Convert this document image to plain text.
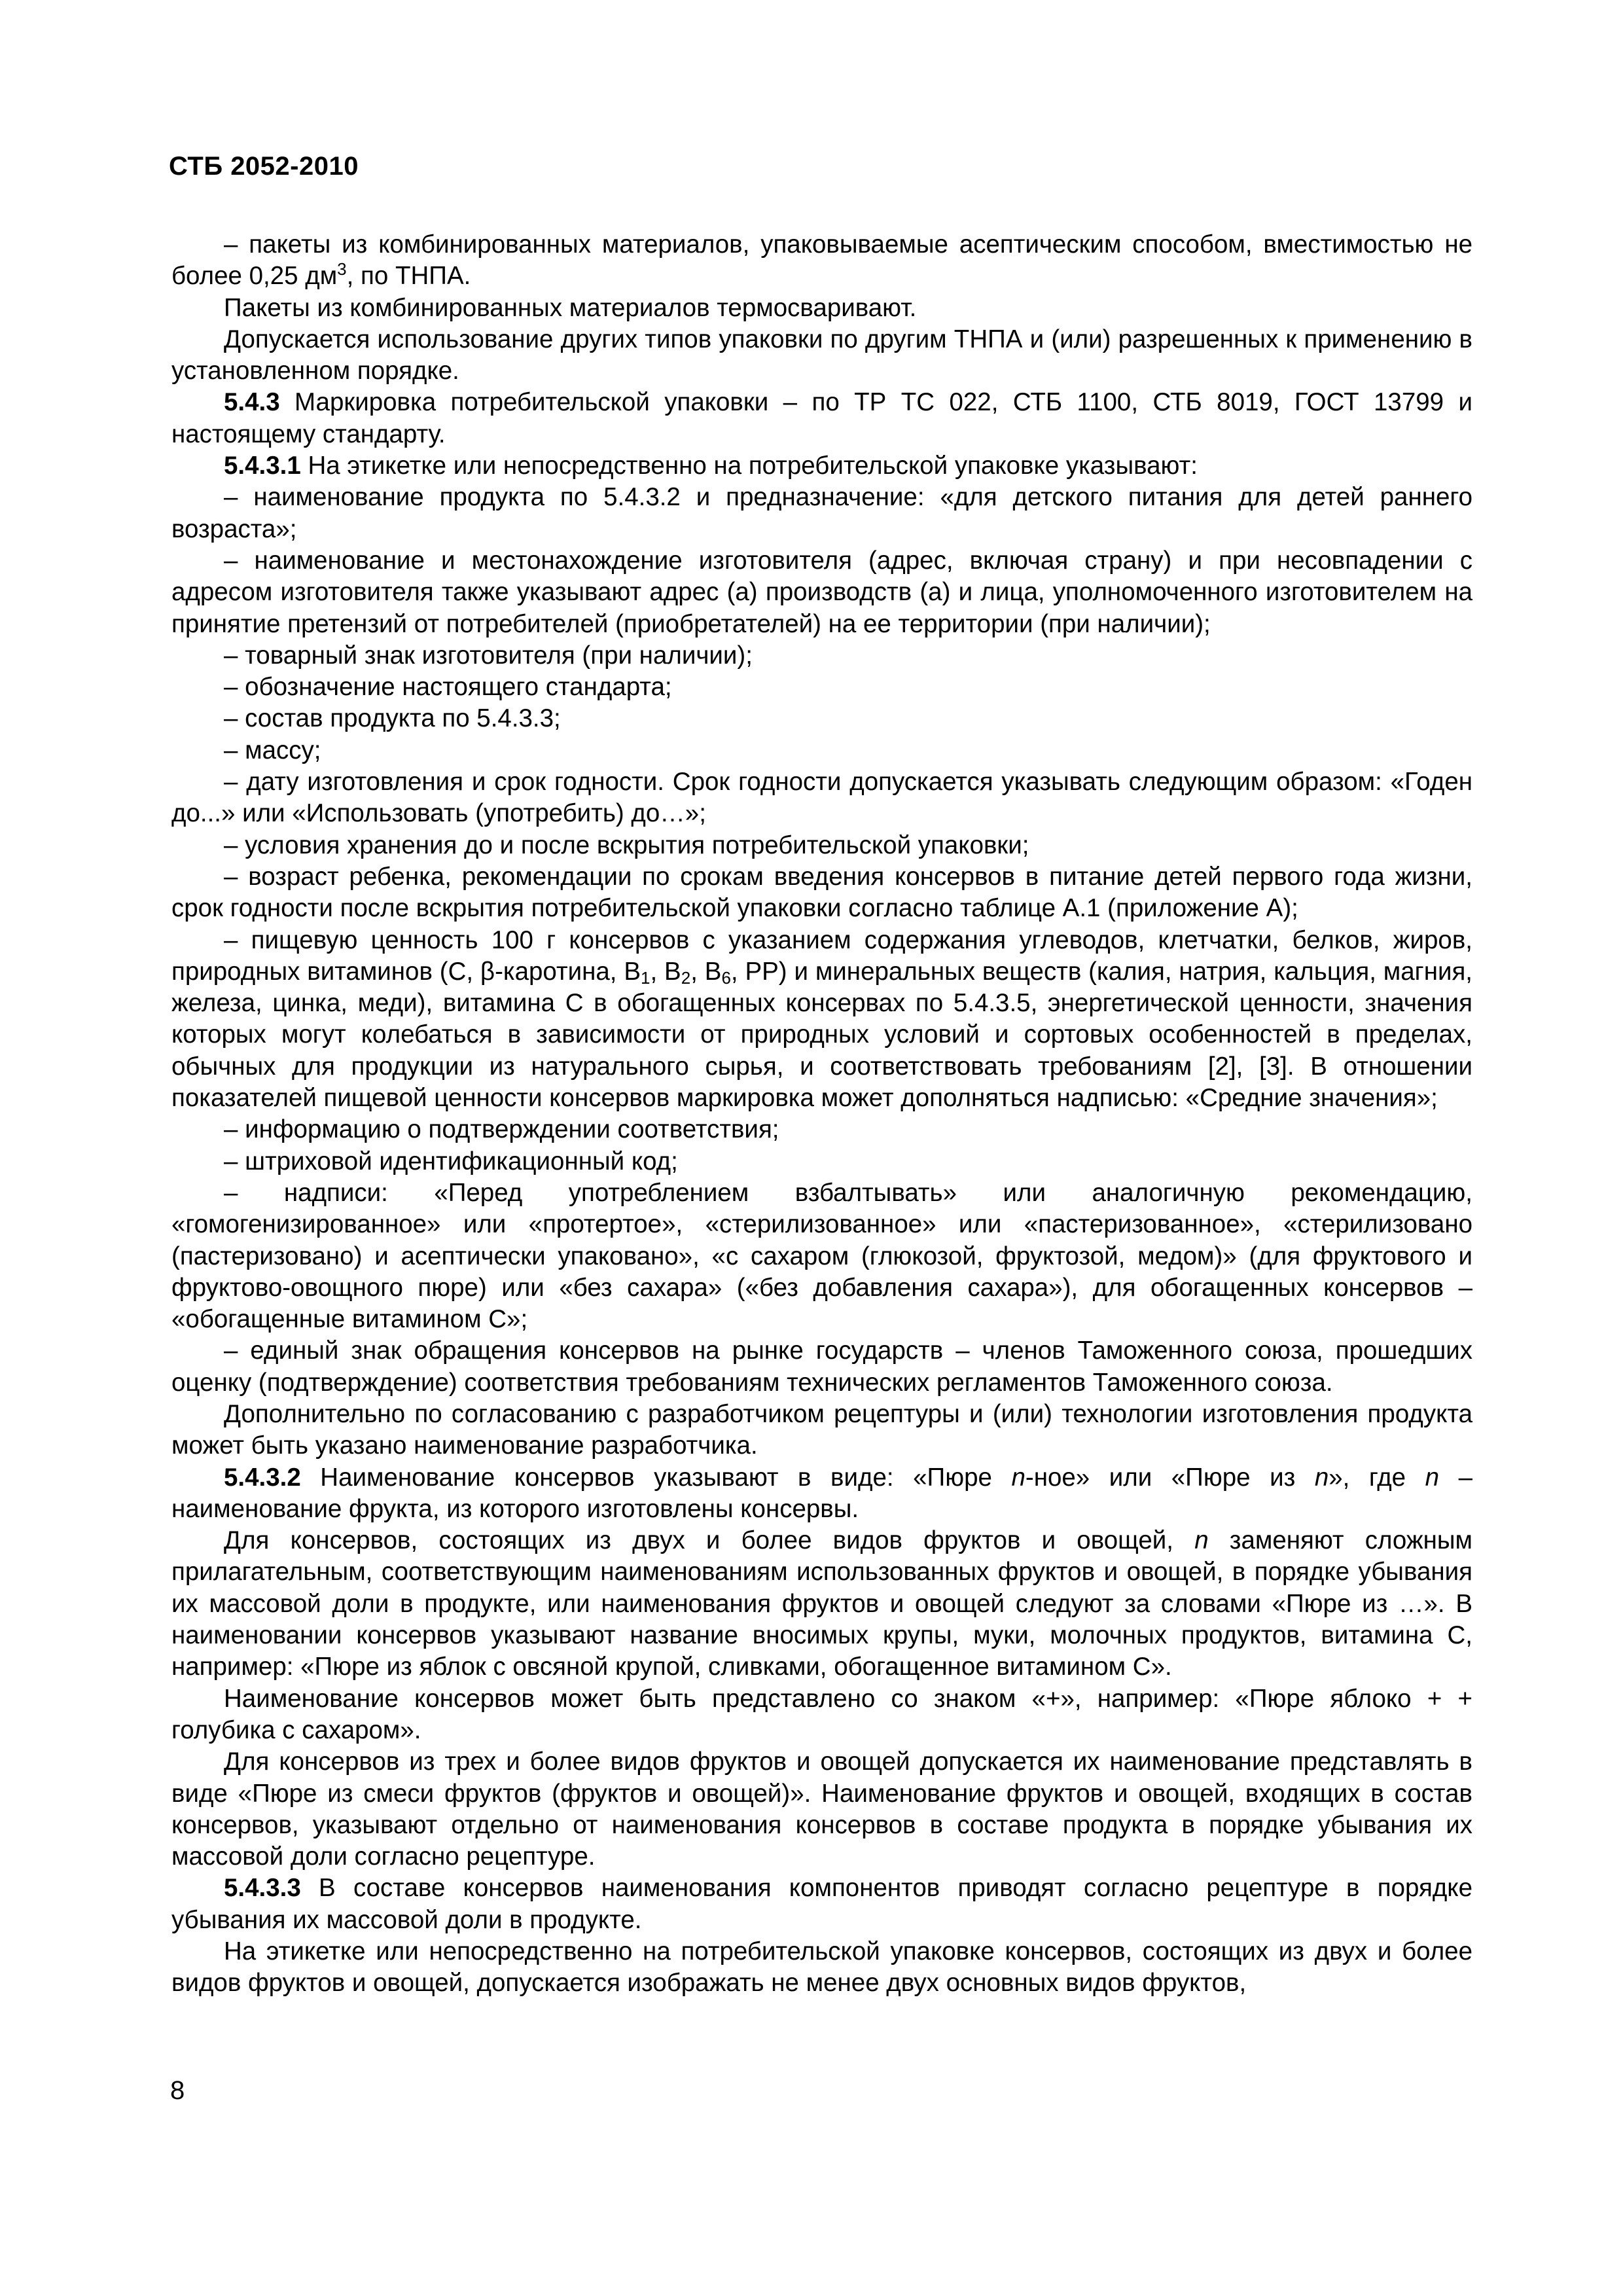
СТБ 2052-2010

– пакеты из комбинированных материалов, упаковываемые асептическим способом, вместимостью не более 0,25 $дм^3$, по ТНПА.

Пакеты из комбинированных материалов термосваривают.

Допускается использование других типов упаковки по другим ТНПА и (или) разрешенных к применению в установленном порядке.

5.4.3 Маркировка потребительской упаковки – по ТР ТС 022, СТБ 1100, СТБ 8019, ГОСТ 13799 и настоящему стандарту.

5.4.3.1 На этикетке или непосредственно на потребительской упаковке указывают:

– наименование продукта по 5.4.3.2 и предназначение: «для детского питания для детей раннего возраста»;

– наименование и местонахождение изготовителя (адрес, включая страну) и при несовпадении с адресом изготовителя также указывают адрес (а) производств (а) и лица, уполномоченного изготовителем на принятие претензий от потребителей (приобретателей) на ее территории (при наличии);

– товарный знак изготовителя (при наличии);

– обозначение настоящего стандарта;

– состав продукта по 5.4.3.3;

– массу;

– дату изготовления и срок годности. Срок годности допускается указывать следующим образом: «Годен до...» или «Использовать (употребить) до…»;

– условия хранения до и после вскрытия потребительской упаковки;

– возраст ребенка, рекомендации по срокам введения консервов в питание детей первого года жизни, срок годности после вскрытия потребительской упаковки согласно таблице А.1 (приложение А);

– пищевую ценность 100 г консервов с указанием содержания углеводов, клетчатки, белков, жиров, природных витаминов (С, β-каротина, $В_1$, $В_2$, $В_6$, РР) и минеральных веществ (калия, натрия, кальция, магния, железа, цинка, меди), витамина С в обогащенных консервах по 5.4.3.5, энергетической ценности, значения которых могут колебаться в зависимости от природных условий и сортовых особенностей в пределах, обычных для продукции из натурального сырья, и соответствовать требованиям [2], [3]. В отношении показателей пищевой ценности консервов маркировка может дополняться надписью: «Средние значения»;

– информацию о подтверждении соответствия;

– штриховой идентификационный код;

– надписи: «Перед употреблением взбалтывать» или аналогичную рекомендацию, «гомогенизированное» или «протертое», «стерилизованное» или «пастеризованное», «стерилизовано (пастеризовано) и асептически упаковано», «с сахаром (глюкозой, фруктозой, медом)» (для фруктового и фруктово-овощного пюре) или «без сахара» («без добавления сахара»), для обогащенных консервов – «обогащенные витамином С»;

– единый знак обращения консервов на рынке государств – членов Таможенного союза, прошедших оценку (подтверждение) соответствия требованиям технических регламентов Таможенного союза.

Дополнительно по согласованию с разработчиком рецептуры и (или) технологии изготовления продукта может быть указано наименование разработчика.

5.4.3.2 Наименование консервов указывают в виде: «Пюре n-ное» или «Пюре из n», где n – наименование фрукта, из которого изготовлены консервы.

Для консервов, состоящих из двух и более видов фруктов и овощей, n заменяют сложным прилагательным, соответствующим наименованиям использованных фруктов и овощей, в порядке убывания их массовой доли в продукте, или наименования фруктов и овощей следуют за словами «Пюре из …». В наименовании консервов указывают название вносимых крупы, муки, молочных продуктов, витамина С, например: «Пюре из яблок с овсяной крупой, сливками, обогащенное витамином С».

Наименование консервов может быть представлено со знаком «+», например: «Пюре яблоко + + голубика с сахаром».

Для консервов из трех и более видов фруктов и овощей допускается их наименование представлять в виде «Пюре из смеси фруктов (фруктов и овощей)». Наименование фруктов и овощей, входящих в состав консервов, указывают отдельно от наименования консервов в составе продукта в порядке убывания их массовой доли согласно рецептуре.

5.4.3.3 В составе консервов наименования компонентов приводят согласно рецептуре в порядке убывания их массовой доли в продукте.

На этикетке или непосредственно на потребительской упаковке консервов, состоящих из двух и более видов фруктов и овощей, допускается изображать не менее двух основных видов фруктов,

8
